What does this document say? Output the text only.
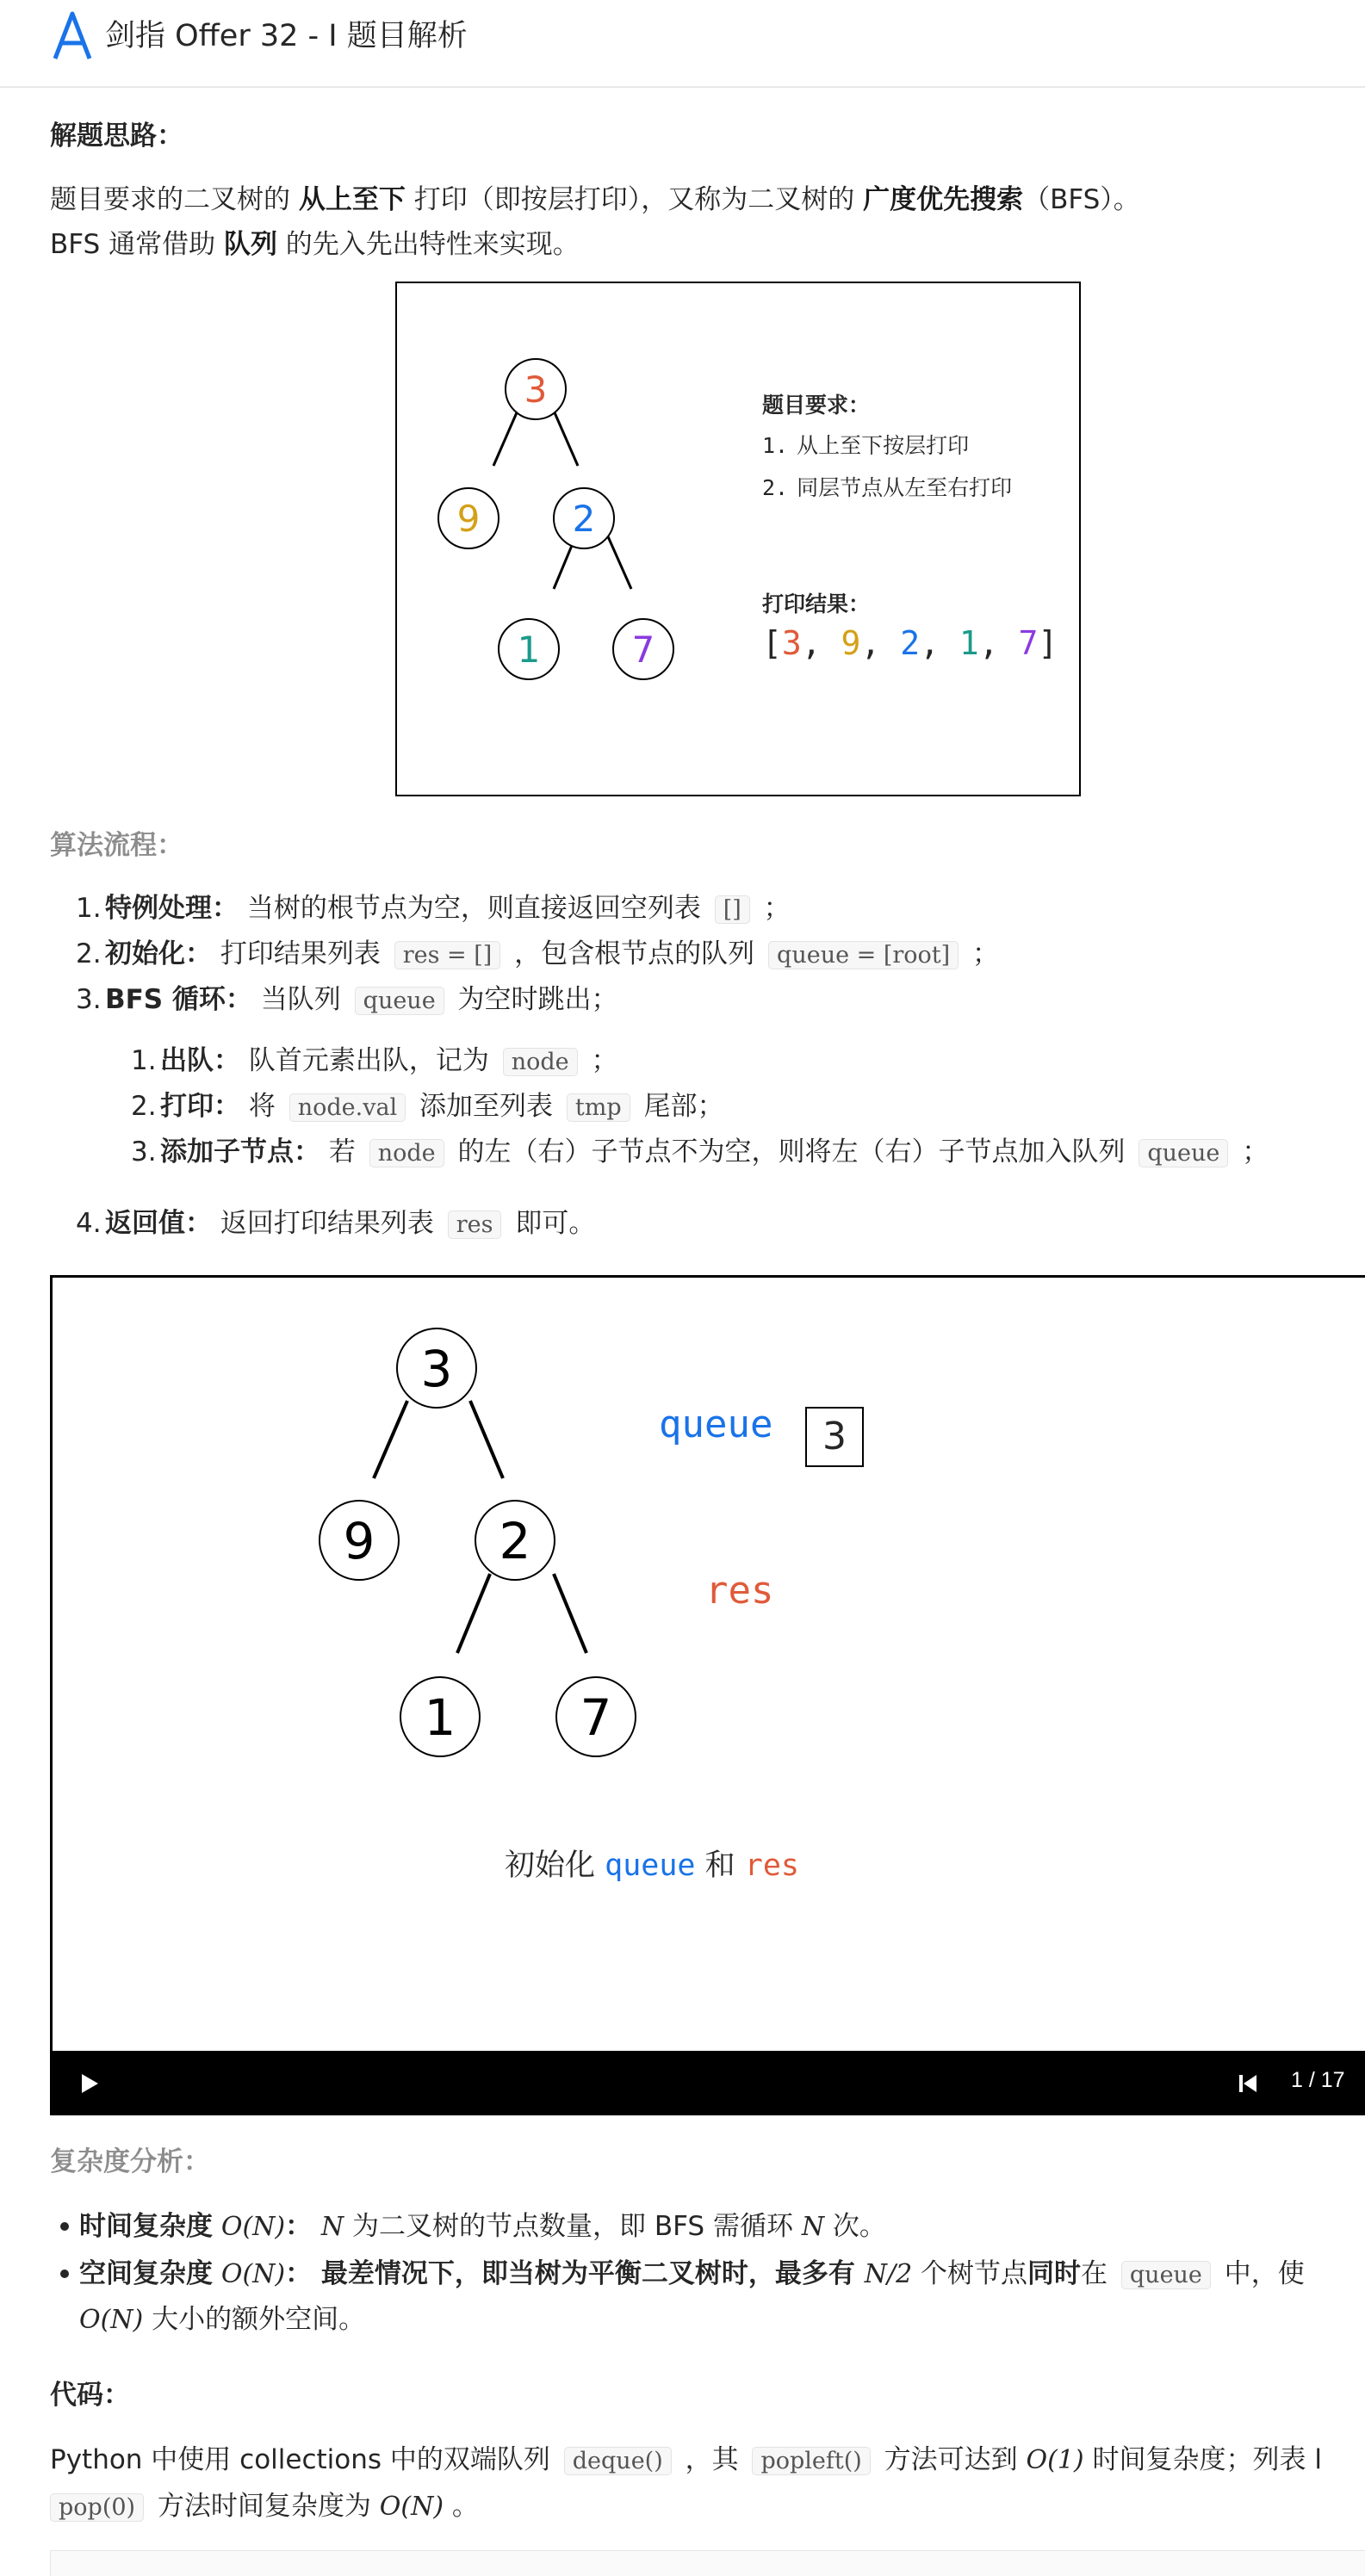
剑指 Offer 32 - I 题目解析
解题思路：
题目要求的二叉树的 从上至下 打印（即按层打印），又称为二叉树的 广度优先搜索（BFS）。
BFS 通常借助 队列 的先入先出特性来实现。
3
9	2
1	7
题目要求：
1. 从上至下按层打印
2. 同层节点从左至右打印
打印结果：
[3, 9, 2, 1, 7]
算法流程：
1. 特例处理： 当树的根节点为空，则直接返回空列表 [] ；
2. 初始化： 打印结果列表 res = [] ，包含根节点的队列 queue = [root] ；
3. BFS 循环： 当队列 queue 为空时跳出；
1. 出队： 队首元素出队，记为 node ；
2. 打印： 将 node.val 添加至列表 tmp 尾部；
3. 添加子节点： 若 node 的左（右）子节点不为空，则将左（右）子节点加入队列 queue ；
4. 返回值： 返回打印结果列表 res 即可。
3
9 2
1 7
queue	3
res
初始化 queue 和 res
1 / 17
复杂度分析：
时间复杂度 O(N)： N 为二叉树的节点数量，即 BFS 需循环 N 次。
空间复杂度 O(N)： 最差情况下，即当树为平衡二叉树时，最多有 N/2 个树节点同时在 queue 中，使
O(N) 大小的额外空间。
代码：
Python 中使用 collections 中的双端队列 deque() ，其 popleft() 方法可达到 O(1) 时间复杂度；列表 l
pop(0) 方法时间复杂度为 O(N) 。
